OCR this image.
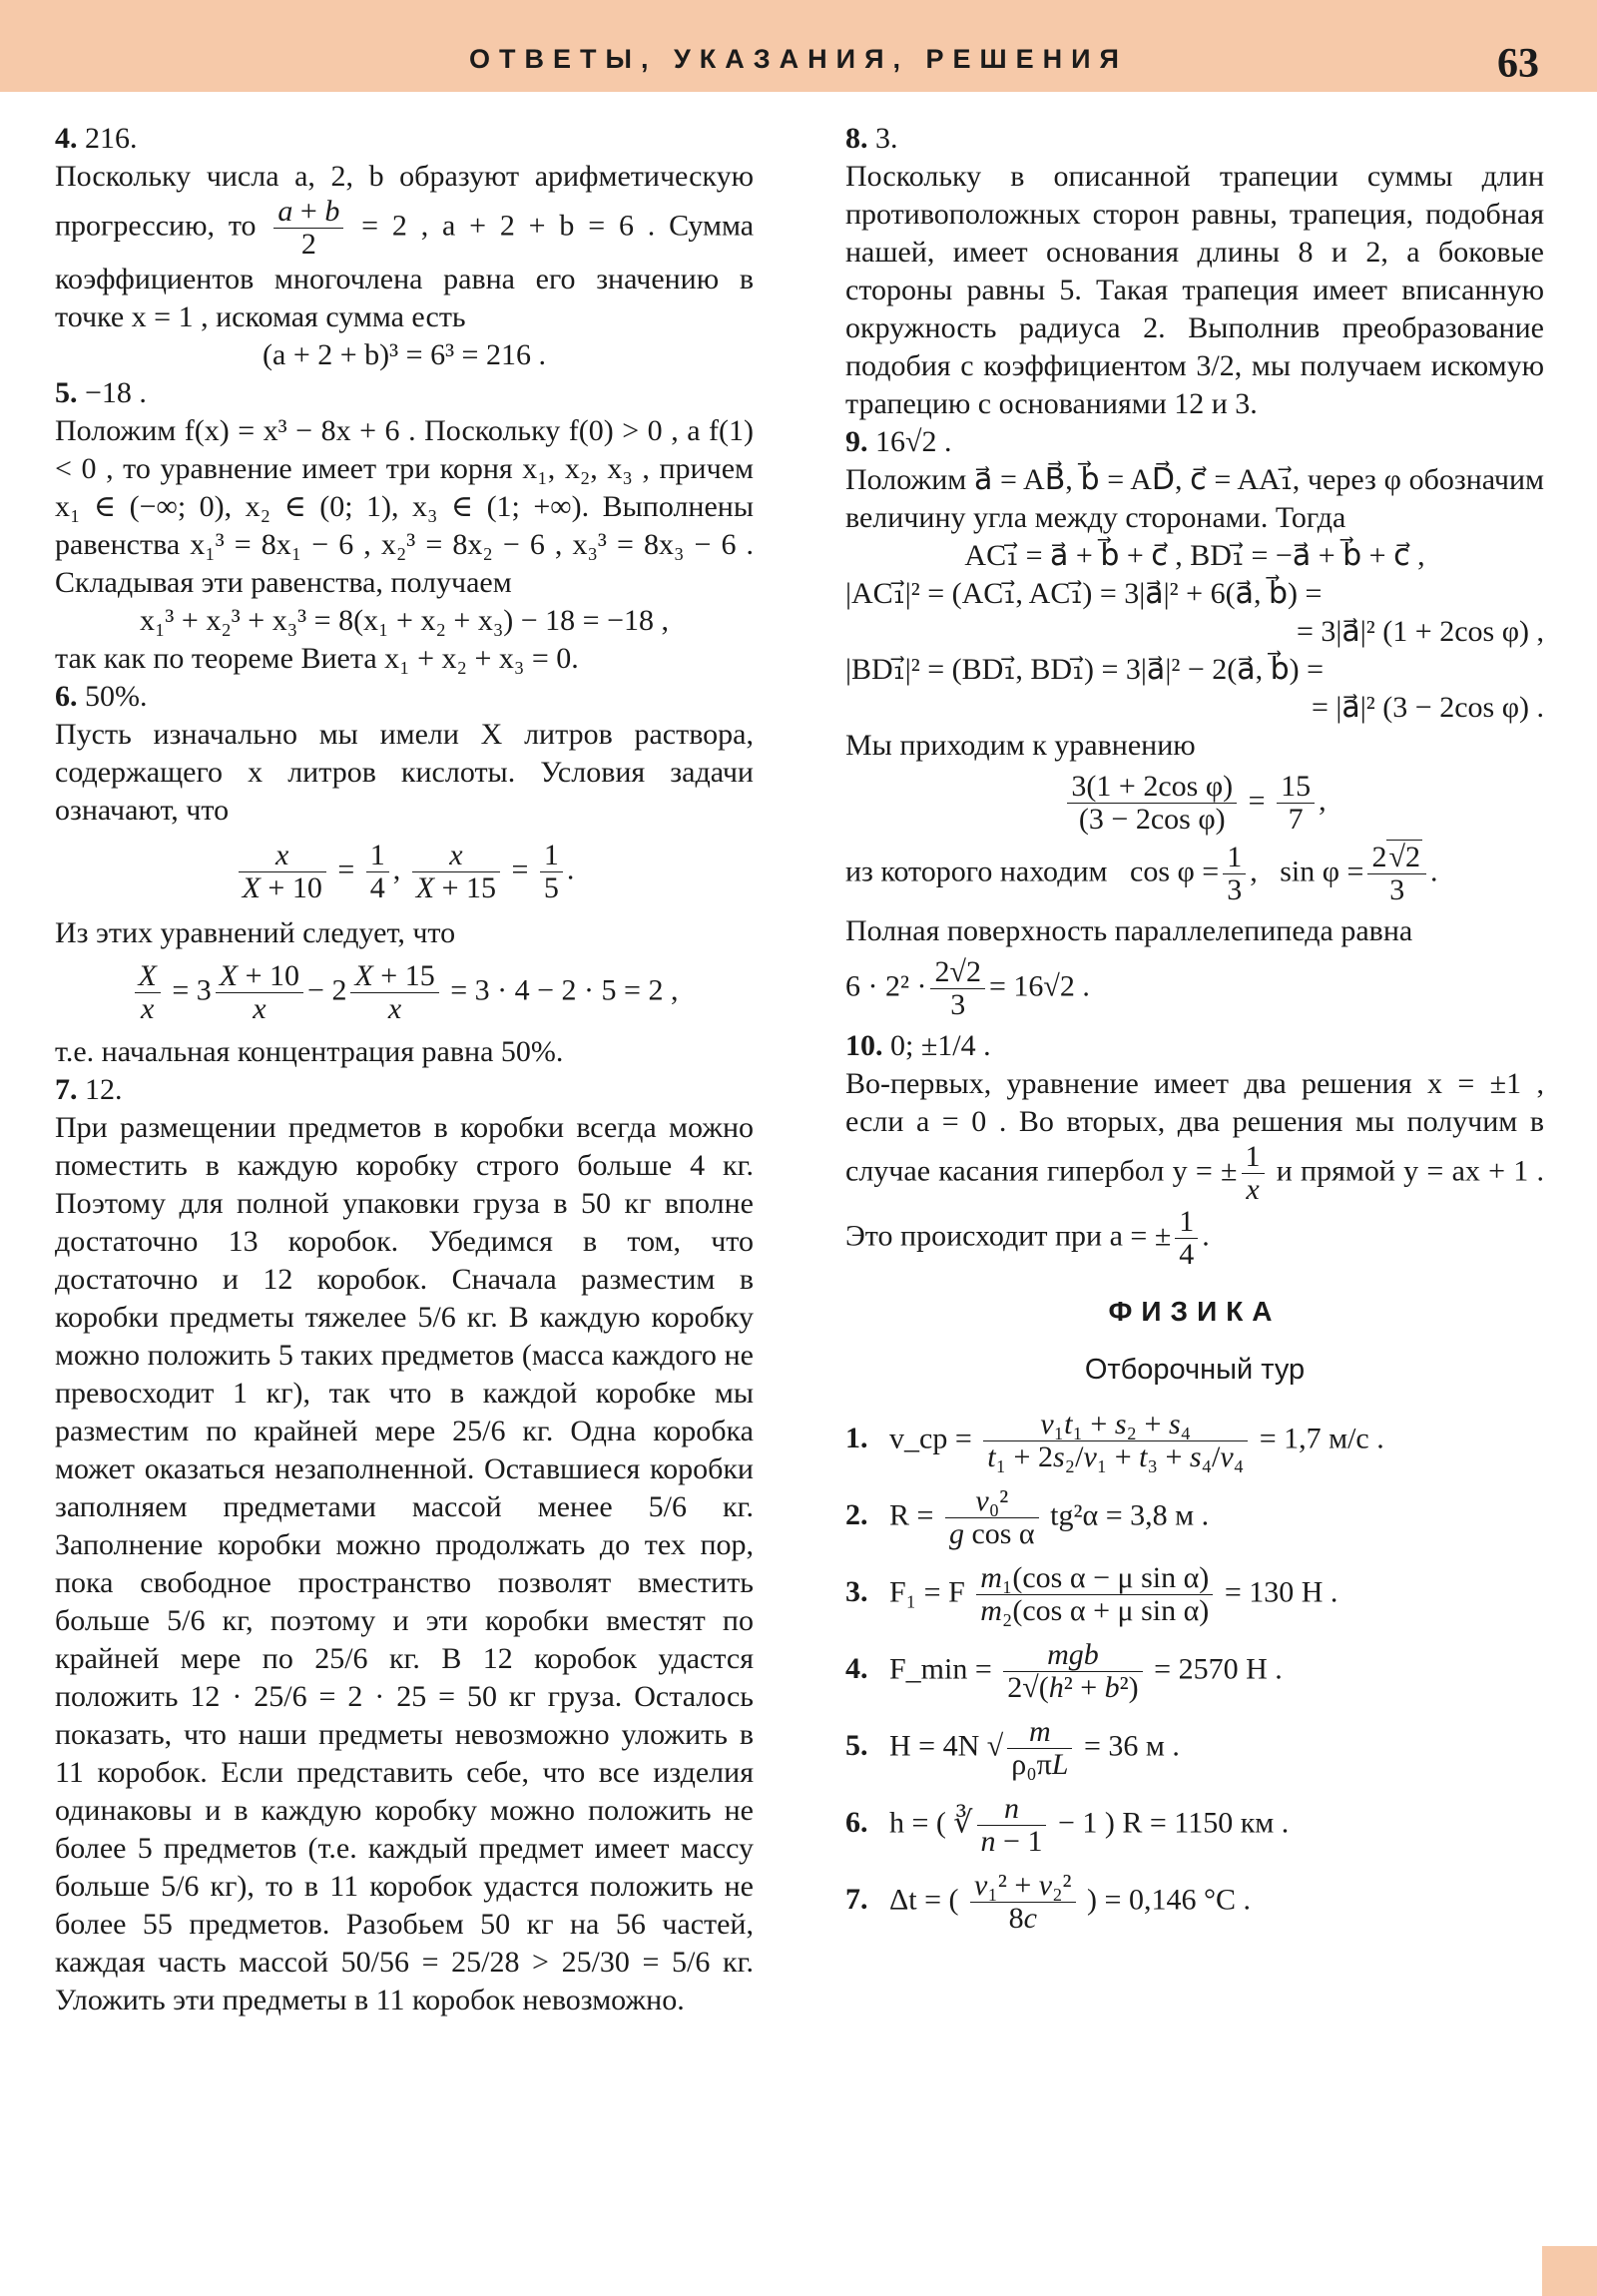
ОТВЕТЫ, УКАЗАНИЯ, РЕШЕНИЯ	63

4. 216.

Поскольку числа a, 2, b образуют арифметическую прогрессию, то $\frac{a + b}{2} = 2$ , a + 2 + b = 6 . Сумма коэффициентов многочлена равна его значению в точке x = 1 , искомая сумма есть

(a + 2 + b)³ = 6³ = 216 .

5. −18 .

Положим f(x) = x³ − 8x + 6 . Поскольку f(0) > 0 , а f(1) < 0 , то уравнение имеет три корня x₁, x₂, x₃ , причем x₁ ∈ (−∞; 0), x₂ ∈ (0; 1), x₃ ∈ (1; +∞). Выполнены равенства x₁³ = 8x₁ − 6 , x₂³ = 8x₂ − 6 , x₃³ = 8x₃ − 6 . Складывая эти равенства, получаем

x₁³ + x₂³ + x₃³ = 8(x₁ + x₂ + x₃) − 18 = −18 ,

так как по теореме Виета x₁ + x₂ + x₃ = 0.

6. 50%.

Пусть изначально мы имели X литров раствора, содержащего x литров кислоты. Условия задачи означают, что

$\frac{x}{X + 10} = \frac{1}{4}$ , $\frac{x}{X + 15} = \frac{1}{5}$ .

Из этих уравнений следует, что

$\frac{X}{x} = 3 \frac{X + 10}{x} - 2 \frac{X + 15}{x} = 3 \cdot 4 - 2 \cdot 5 = 2$ ,

т.е. начальная концентрация равна 50%.

7. 12.

При размещении предметов в коробки всегда можно поместить в каждую коробку строго больше 4 кг. Поэтому для полной упаковки груза в 50 кг вполне достаточно 13 коробок. Убедимся в том, что достаточно и 12 коробок. Сначала разместим в коробки предметы тяжелее 5/6 кг. В каждую коробку можно положить 5 таких предметов (масса каждого не превосходит 1 кг), так что в каждой коробке мы разместим по крайней мере 25/6 кг. Одна коробка может оказаться незаполненной. Оставшиеся коробки заполняем предметами массой менее 5/6 кг. Заполнение коробки можно продолжать до тех пор, пока свободное пространство позволят вместить больше 5/6 кг, поэтому и эти коробки вместят по крайней мере по 25/6 кг. В 12 коробок удастся положить 12 · 25/6 = 2 · 25 = 50 кг груза. Осталось показать, что наши предметы невозможно уложить в 11 коробок. Если представить себе, что все изделия одинаковы и в каждую коробку можно положить не более 5 предметов (т.е. каждый предмет имеет массу больше 5/6 кг), то в 11 коробок удастся положить не более 55 предметов. Разобьем 50 кг на 56 частей, каждая часть массой 50/56 = 25/28 > 25/30 = 5/6 кг. Уложить эти предметы в 11 коробок невозможно.

8. 3.

Поскольку в описанной трапеции суммы длин противоположных сторон равны, трапеция, подобная нашей, имеет основания длины 8 и 2, а боковые стороны равны 5. Такая трапеция имеет вписанную окружность радиуса 2. Выполнив преобразование подобия с коэффициентом 3/2, мы получаем искомую трапецию с основаниями 12 и 3.

9. 16√2 .

Положим a⃗ = AB⃗, b⃗ = AD⃗, c⃗ = AA₁⃗, через φ обозначим величину угла между сторонами. Тогда

AC₁⃗ = a⃗ + b⃗ + c⃗ , BD₁⃗ = −a⃗ + b⃗ + c⃗ ,

|AC₁⃗|² = (AC₁⃗, AC₁⃗) = 3|a⃗|² + 6(a⃗, b⃗) =

= 3|a⃗|² (1 + 2cos φ) ,

|BD₁⃗|² = (BD₁⃗, BD₁⃗) = 3|a⃗|² − 2(a⃗, b⃗) =

= |a⃗|² (3 − 2cos φ) .

Мы приходим к уравнению

$\frac{\text{3(1 + 2cos φ)}}{\text{(3 − 2cos φ)}} = \frac{15}{7}$ ,
из которого находим $\cos \varphi = \frac{1}{3}$ ,   $\sin \varphi = \frac{2√2}{3}$ .

Полная поверхность параллелепипеда равна

$6 \cdot 2^2 \cdot \frac{2√2}{3} = 16√2$ .

10. 0; ±1/4 .

Во-первых, уравнение имеет два решения x = ±1 , если a = 0 . Во вторых, два решения мы получим в случае касания гипербол y = ± $\frac{1}{x}$ и прямой y = ax + 1 . Это происходит при a = ± $\frac{1}{4}$ .
ФИЗИКА
Отборочный тур
1. v_cp = $\frac{\text{v₁t₁ + s₂ + s₄}}{\text{t₁ + 2s₂/v₁ + t₃ + s₄/v₄}} = 1,7$ м/с .
2. $R = \frac{\text{v₀²}}{\text{g cos α}} tg^2\alpha = 3,8$ м .
3. F₁ = F $\frac{\text{m₁(cos α − μ sin α)}}{\text{m₂(cos α + μ sin α)}} = 130$ Н .
4. F_min = $\frac{\text{mgb}}{\text{2√(h² + b²)}} = 2570$ Н .
5. H = 4N √ $\frac{m}{\text{ρ₀πL}} = 36$ м .
6. h = ( ∛ $\frac{n}{n - 1} - 1$ ) R = 1150 км .
7. Δt = ( $\frac{\text{v₁² + v₂²}}{8c}$ ) = 0,146 °С .
